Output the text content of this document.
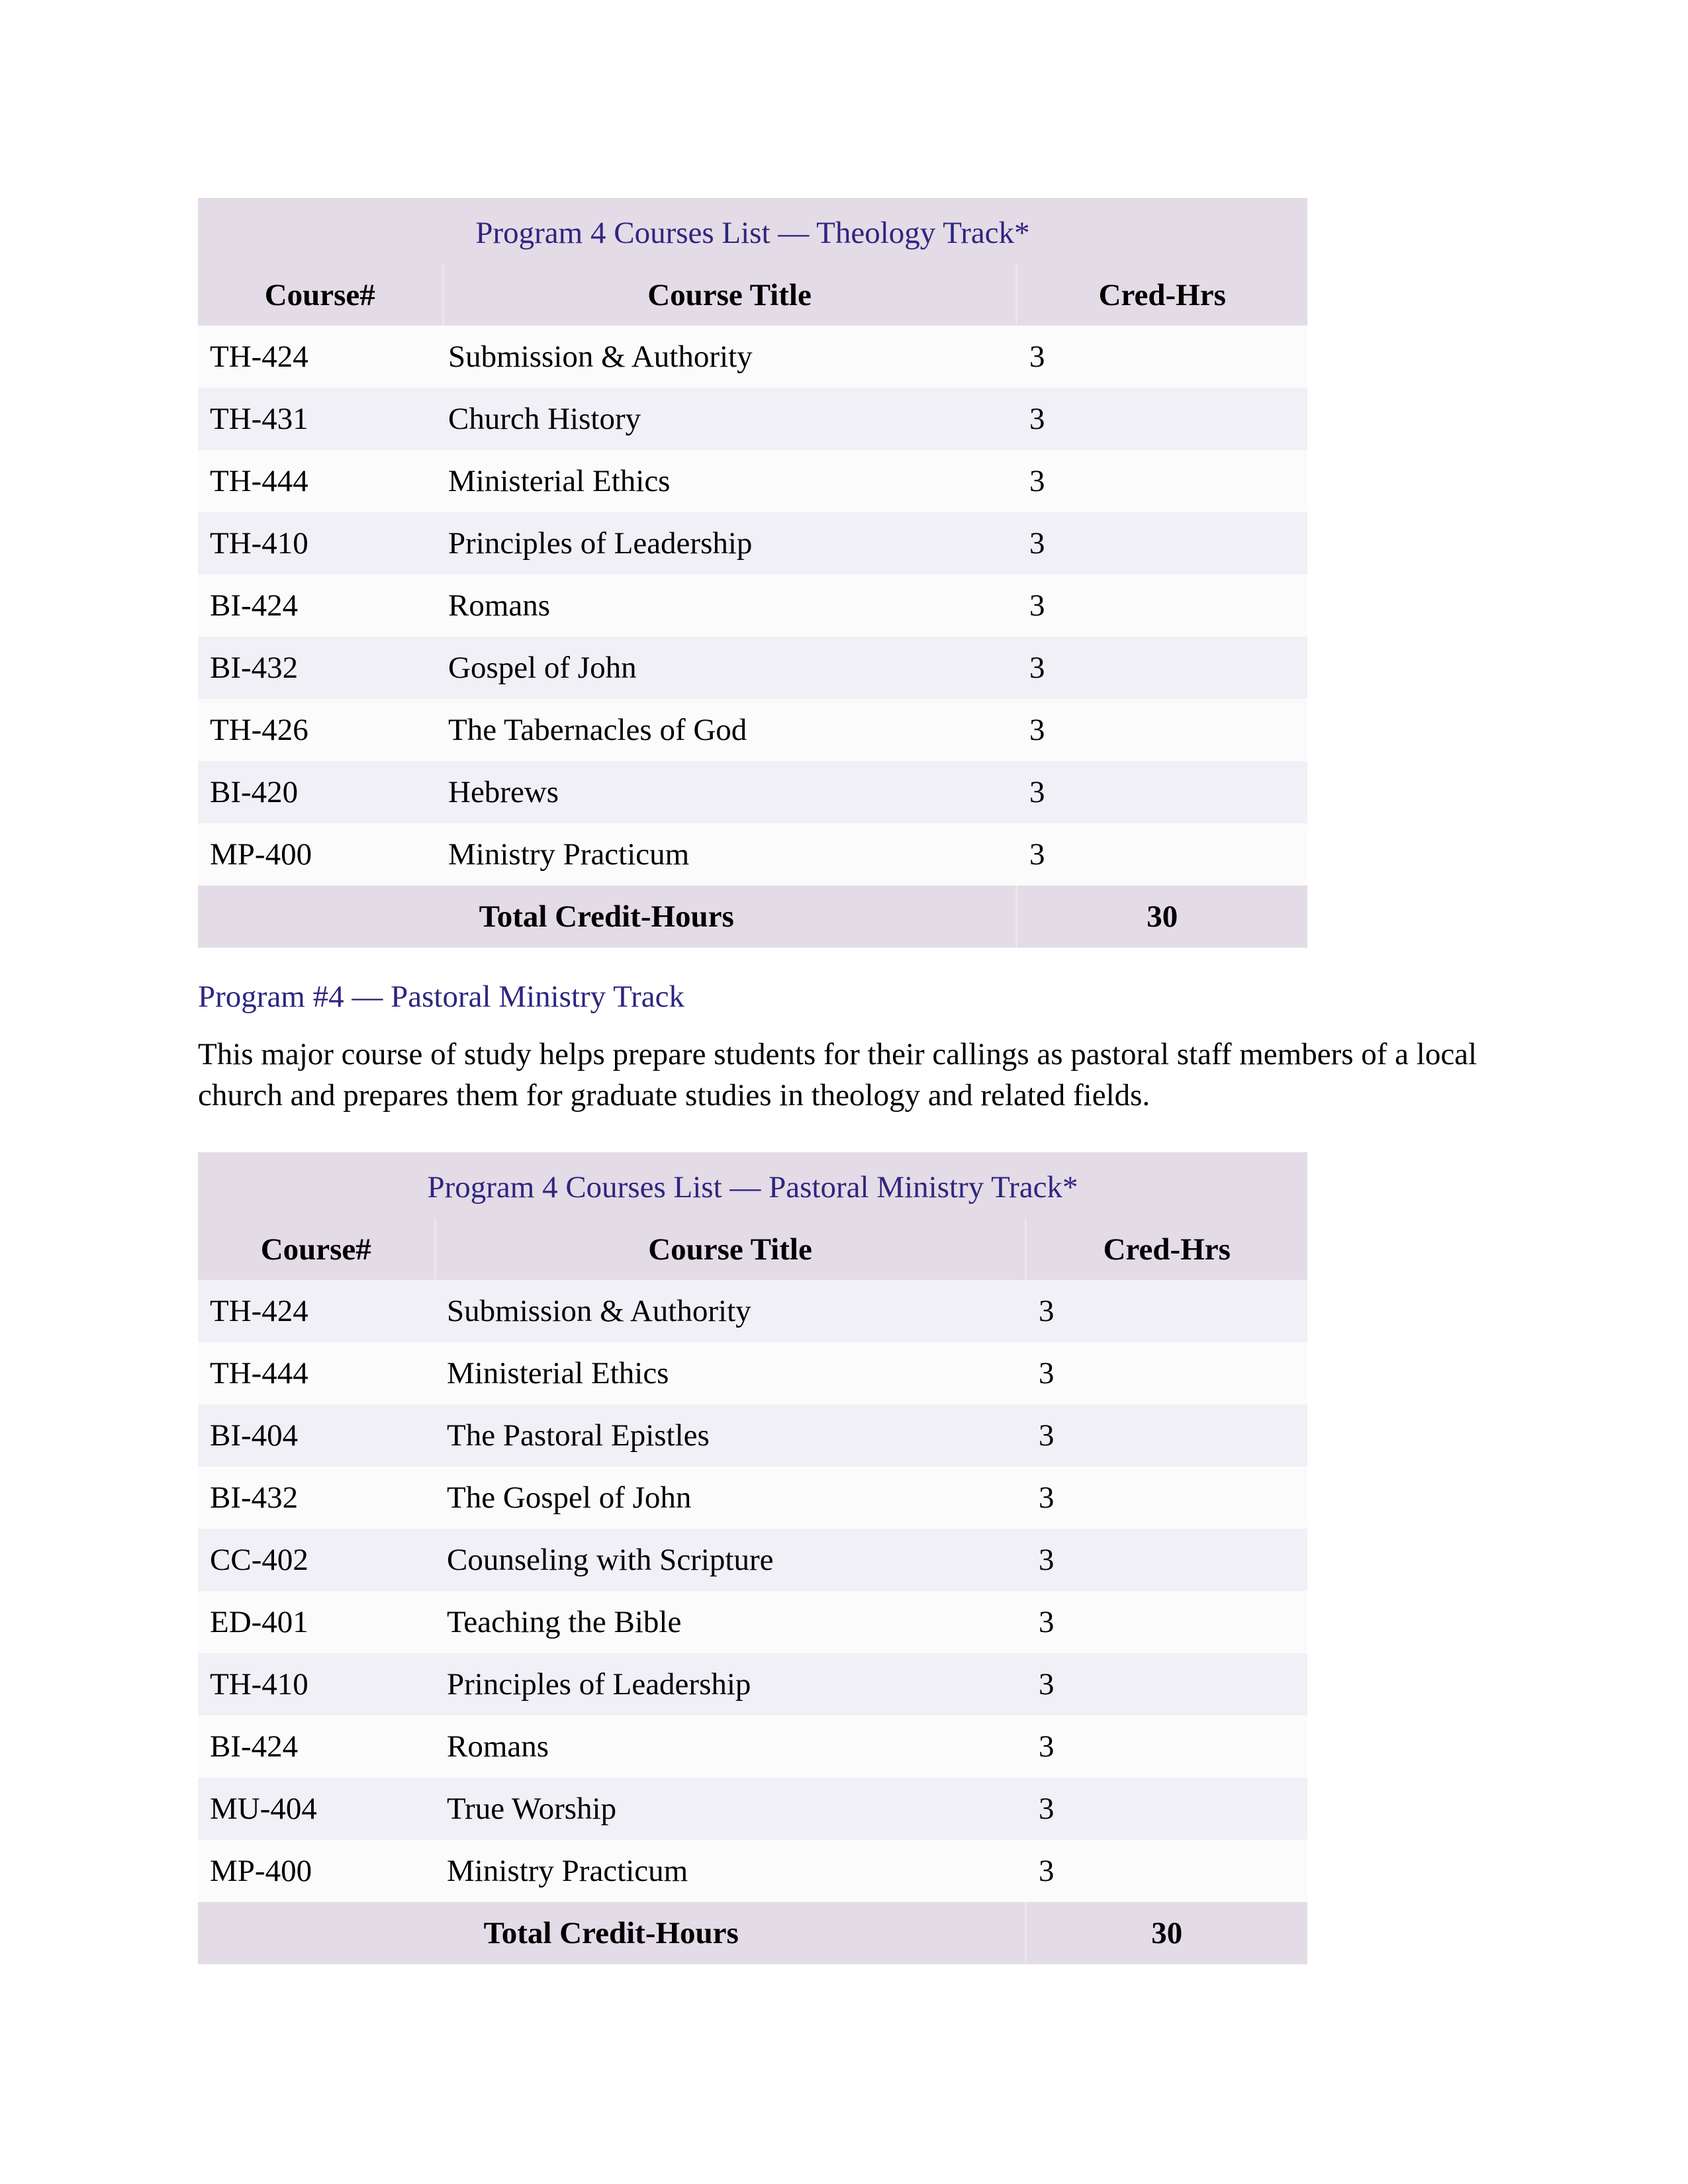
Program 4 Courses List — Theology Track*		
Course#	Course Title	Cred-Hrs
TH-424	Submission & Authority	3
TH-431	Church History	3
TH-444	Ministerial Ethics	3
TH-410	Principles of Leadership	3
BI-424	Romans	3
BI-432	Gospel of John	3
TH-426	The Tabernacles of God	3
BI-420	Hebrews	3
MP-400	Ministry Practicum	3
Total Credit-Hours		30

Program #4 — Pastoral Ministry Track

This major course of study helps prepare students for their callings as pastoral staff members of a local church and prepares them for graduate studies in theology and related fields.

Program 4 Courses List — Pastoral Ministry Track*		
Course#	Course Title	Cred-Hrs
TH-424	Submission & Authority	3
TH-444	Ministerial Ethics	3
BI-404	The Pastoral Epistles	3
BI-432	The Gospel of John	3
CC-402	Counseling with Scripture	3
ED-401	Teaching the Bible	3
TH-410	Principles of Leadership	3
BI-424	Romans	3
MU-404	True Worship	3
MP-400	Ministry Practicum	3
Total Credit-Hours		30
